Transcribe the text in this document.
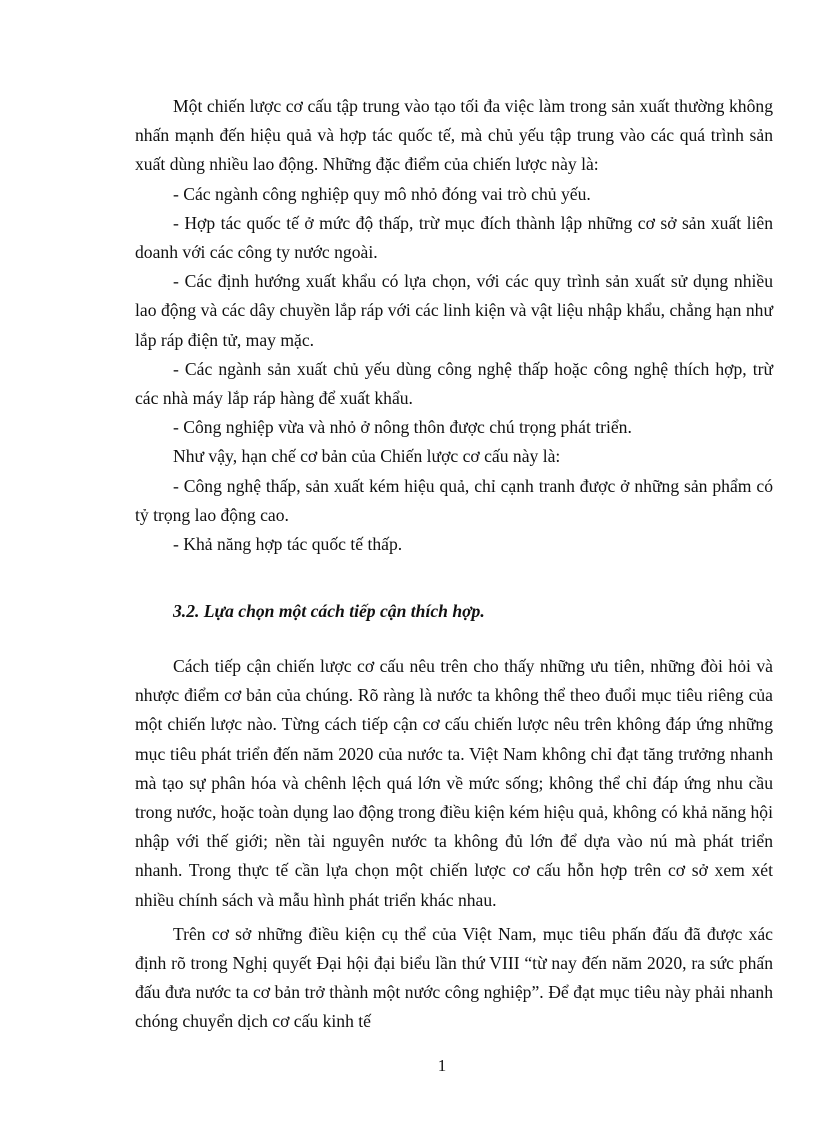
Một chiến lược cơ cấu tập trung vào tạo tối đa việc làm trong sản xuất thường không nhấn mạnh đến hiệu quả và hợp tác quốc tế, mà chủ yếu tập trung vào các quá trình sản xuất dùng nhiều lao động. Những đặc điểm của chiến lược này là:

- Các ngành công nghiệp quy mô nhỏ đóng vai trò chủ yếu.

- Hợp tác quốc tế ở mức độ thấp, trừ mục đích thành lập những cơ sở sản xuất liên doanh với các công ty nước ngoài.

- Các định hướng xuất khẩu có lựa chọn, với các quy trình sản xuất sử dụng nhiều lao động và các dây chuyền lắp ráp với các linh kiện và vật liệu nhập khẩu, chẳng hạn như lắp ráp điện tử, may mặc.

- Các ngành sản xuất chủ yếu dùng công nghệ thấp hoặc công nghệ thích hợp, trừ các nhà máy lắp ráp hàng để xuất khẩu.

- Công nghiệp vừa và nhỏ ở nông thôn được chú trọng phát triển.

Như vậy, hạn chế cơ bản của Chiến lược cơ cấu này là:

- Công nghệ thấp, sản xuất kém hiệu quả, chỉ cạnh tranh được ở những sản phẩm có tỷ trọng lao động cao.

- Khả năng hợp tác quốc tế thấp.

3.2. Lựa chọn một cách tiếp cận thích hợp.

Cách tiếp cận chiến lược cơ cấu nêu trên cho thấy những ưu tiên, những đòi hỏi và nhược điểm cơ bản của chúng. Rõ ràng là nước ta không thể theo đuổi mục tiêu riêng của một chiến lược nào. Từng cách tiếp cận cơ cấu chiến lược nêu trên không đáp ứng những mục tiêu phát triển đến năm 2020 của nước ta. Việt Nam không chỉ đạt tăng trưởng nhanh mà tạo sự phân hóa và chênh lệch quá lớn về mức sống; không thể chỉ đáp ứng nhu cầu trong nước, hoặc toàn dụng lao động trong điều kiện kém hiệu quả, không có khả năng hội nhập với thế giới; nền tài nguyên nước ta không đủ lớn để dựa vào nú mà phát triển nhanh. Trong thực tế cần lựa chọn một chiến lược cơ cấu hỗn hợp trên cơ sở xem xét nhiều chính sách và mẫu hình phát triển khác nhau.

Trên cơ sở những điều kiện cụ thể của Việt Nam, mục tiêu phấn đấu đã được xác định rõ trong Nghị quyết Đại hội đại biểu lần thứ VIII “từ nay đến năm 2020, ra sức phấn đấu đưa nước ta cơ bản trở thành một nước công nghiệp”. Để đạt mục tiêu này phải nhanh chóng chuyển dịch cơ cấu kinh tế

1
